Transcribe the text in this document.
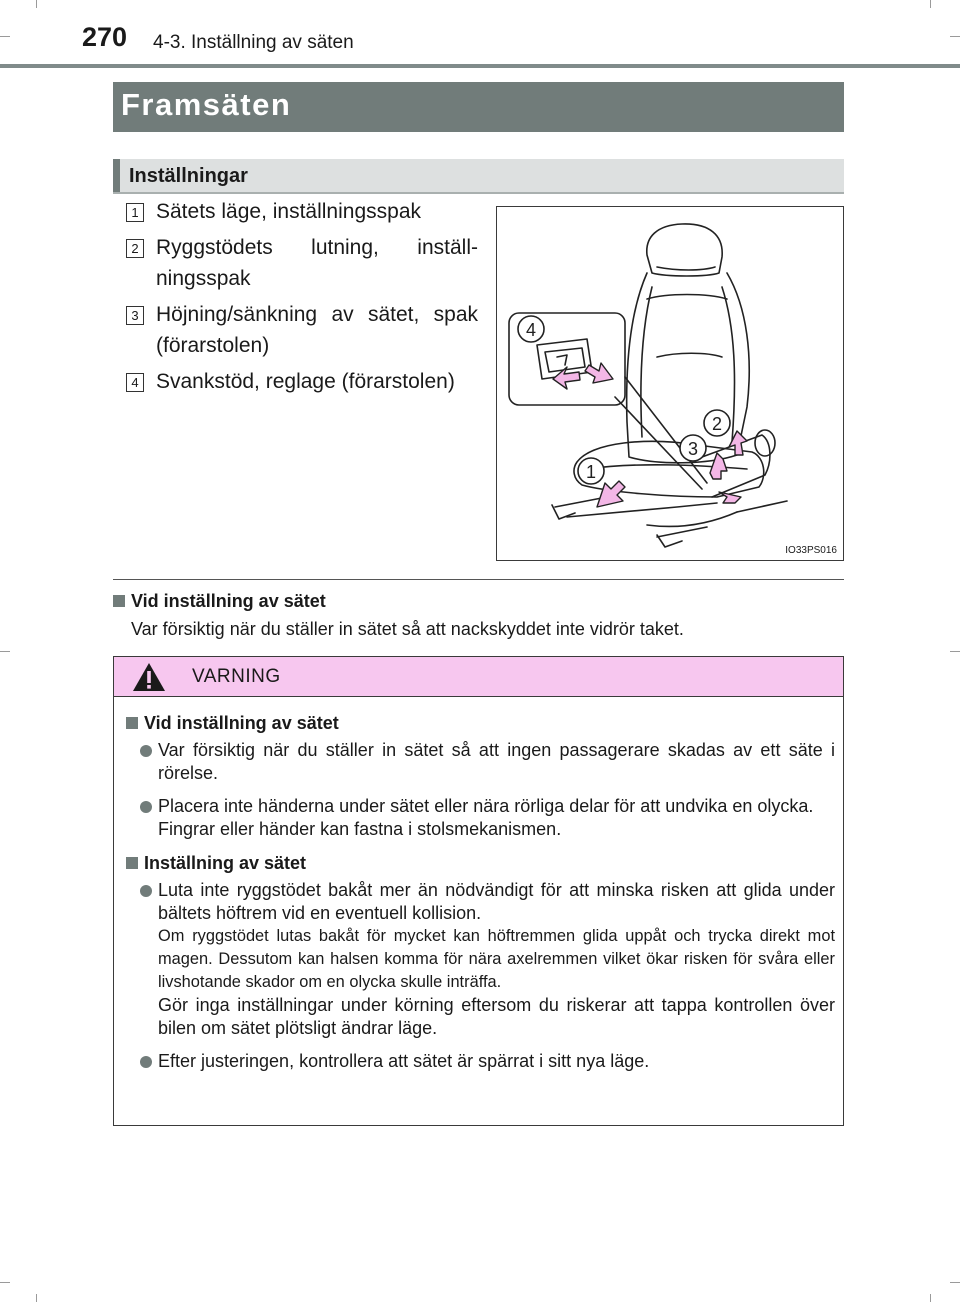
270 4-3. Inställning av säten
Framsäten
Inställningar
1 Sätets läge, inställningsspak
2 Ryggstödets lutning, inställ-ningsspak
3 Höjning/sänkning av sätet, spak (förarstolen)
4 Svankstöd, reglage (förarstolen)
4
2
3
1
IO33PS016
Vid inställning av sätet
Var försiktig när du ställer in sätet så att nackskyddet inte vidrör taket.
VARNING
Vid inställning av sätet
Var försiktig när du ställer in sätet så att ingen passagerare skadas av ett säte i rörelse.
Placera inte händerna under sätet eller nära rörliga delar för att undvika en olycka.
Fingrar eller händer kan fastna i stolsmekanismen.
Inställning av sätet
Luta inte ryggstödet bakåt mer än nödvändigt för att minska risken att glida under bältets höftrem vid en eventuell kollision.
Om ryggstödet lutas bakåt för mycket kan höftremmen glida uppåt och trycka direkt mot magen. Dessutom kan halsen komma för nära axelremmen vilket ökar risken för svåra eller livshotande skador om en olycka skulle inträffa.
Gör inga inställningar under körning eftersom du riskerar att tappa kontrollen över bilen om sätet plötsligt ändrar läge.
Efter justeringen, kontrollera att sätet är spärrat i sitt nya läge.
